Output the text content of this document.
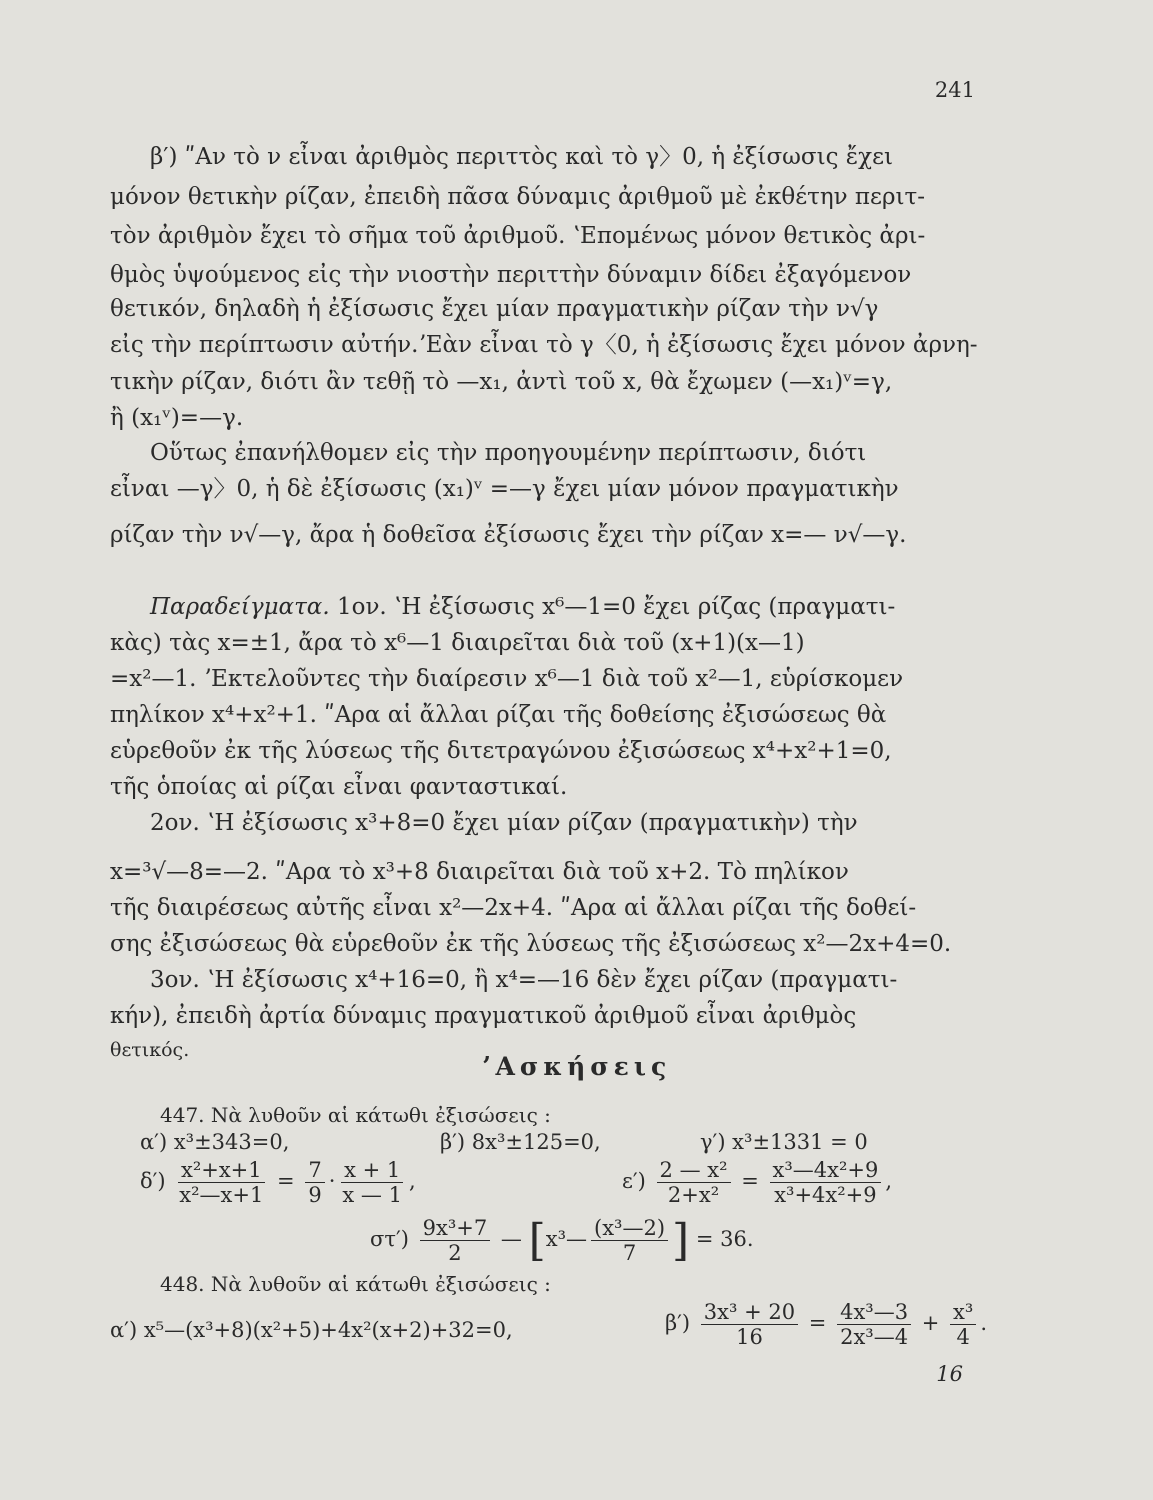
241
β′) ʺΑν τὸ ν εἶναι ἀριθμὸς περιττὸς καὶ τὸ γ〉0, ἡ ἐξίσωσις ἔχει
μόνον θετικὴν ρίζαν, ἐπειδὴ πᾶσα δύναμις ἀριθμοῦ μὲ ἐκθέτην περιτ-
τὸν ἀριθμὸν ἔχει τὸ σῆμα τοῦ ἀριθμοῦ. ʽΕπομένως μόνον θετικὸς ἀρι-
θμὸς ὑψούμενος εἰς τὴν νιοστὴν περιττὴν δύναμιν δίδει ἐξαγόμενον
θετικόν, δηλαδὴ ἡ ἐξίσωσις ἔχει μίαν πραγματικὴν ρίζαν τὴν ν√γ
εἰς τὴν περίπτωσιν αὐτήν.ʼΕὰν εἶναι τὸ γ〈0, ἡ ἐξίσωσις ἔχει μόνον ἀρνη-
τικὴν ρίζαν, διότι ἂν τεθῇ τὸ —x₁, ἀντὶ τοῦ x, θὰ ἔχωμεν (—x₁)ᵛ=γ,
ἢ (x₁ᵛ)=—γ.
Οὕτως ἐπανήλθομεν εἰς τὴν προηγουμένην περίπτωσιν, διότι
εἶναι —γ〉0, ἡ δὲ ἐξίσωσις (x₁)ᵛ =—γ ἔχει μίαν μόνον πραγματικὴν
ρίζαν τὴν ν√—γ, ἄρα ἡ δοθεῖσα ἐξίσωσις ἔχει τὴν ρίζαν x=— ν√—γ.
Παραδείγματα. 1ον. ʽΗ ἐξίσωσις x⁶—1=0 ἔχει ρίζας (πραγματι-
κὰς) τὰς x=±1, ἄρα τὸ x⁶—1 διαιρεῖται διὰ τοῦ (x+1)(x—1)
=x²—1. ʼΕκτελοῦντες τὴν διαίρεσιν x⁶—1 διὰ τοῦ x²—1, εὑρίσκομεν
πηλίκον x⁴+x²+1. ʺΑρα αἱ ἄλλαι ρίζαι τῆς δοθείσης ἐξισώσεως θὰ
εὑρεθοῦν ἐκ τῆς λύσεως τῆς διτετραγώνου ἐξισώσεως x⁴+x²+1=0,
τῆς ὁποίας αἱ ρίζαι εἶναι φανταστικαί.
2ον. ʽΗ ἐξίσωσις x³+8=0 ἔχει μίαν ρίζαν (πραγματικὴν) τὴν
x=³√—8=—2. ʺΑρα τὸ x³+8 διαιρεῖται διὰ τοῦ x+2. Τὸ πηλίκον
τῆς διαιρέσεως αὐτῆς εἶναι x²—2x+4. ʺΑρα αἱ ἄλλαι ρίζαι τῆς δοθεί-
σης ἐξισώσεως θὰ εὑρεθοῦν ἐκ τῆς λύσεως τῆς ἐξισώσεως x²—2x+4=0.
3ον. ʽΗ ἐξίσωσις x⁴+16=0, ἢ x⁴=—16 δὲν ἔχει ρίζαν (πραγματι-
κήν), ἐπειδὴ ἀρτία δύναμις πραγματικοῦ ἀριθμοῦ εἶναι ἀριθμὸς
θετικός.
ʼΑσκήσεις
447. Νὰ λυθοῦν αἱ κάτωθι ἐξισώσεις :
α′) x³±343=0,	β′) 8x³±125=0,	γ′) x³±1331 = 0
$\delta') \frac{\text{x²+x+1}}{\text{x²—x+1}} = \frac{7}{9} \cdot \frac{x + 1}{x — 1}$ ,	$\varepsilon') \frac{\text{2 — x²}}{\text{2+x²}} = \frac{\text{x³—4x²+9}}{\text{x³+4x²+9}}$ ,
$\sigma\tau') \frac{\text{9x³+7}}{2}$ — [x³— $\frac{\text{(x³—2)}}{7}$ ] = 36.
448. Νὰ λυθοῦν αἱ κάτωθι ἐξισώσεις :
α′) x⁵—(x³+8)(x²+5)+4x²(x+2)+32=0,	$\beta') \frac{\text{3x³ + 20}}{16} = \frac{\text{4x³—3}}{\text{2x³—4}} + \frac{\text{x³}}{4}$ .
16
